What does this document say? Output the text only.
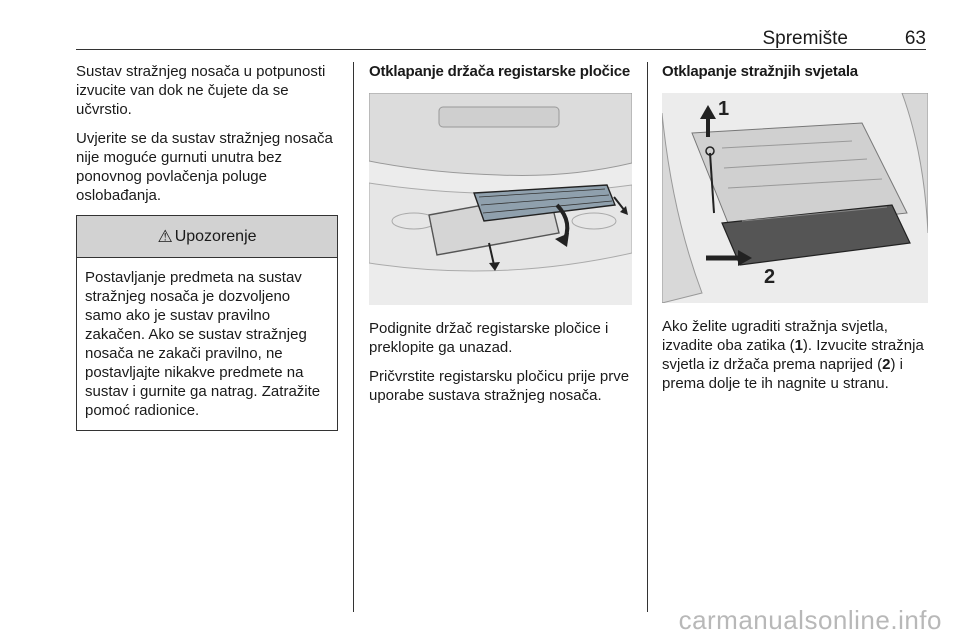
Spremište	63

Sustav stražnjeg nosača u potpunosti izvucite van dok ne čujete da se učvrstio.

Uvjerite se da sustav stražnjeg nosača nije moguće gurnuti unutra bez ponovnog povlačenja poluge oslobađanja.

⚠ Upozorenje
Postavljanje predmeta na sustav stražnjeg nosača je dozvoljeno samo ako je sustav pravilno zakačen. Ako se sustav stražnjeg nosača ne zakači pravilno, ne postavljajte nikakve predmete na sustav i gurnite ga natrag. Zatražite pomoć radionice.
Otklapanje držača registarske pločice

Podignite držač registarske pločice i preklopite ga unazad.

Pričvrstite registarsku pločicu prije prve uporabe sustava stražnjeg nosača.

Otklapanje stražnjih svjetala
1
2

Ako želite ugraditi stražnja svjetla, izvadite oba zatika (1). Izvucite stražnja svjetla iz držača prema naprijed (2) i prema dolje te ih nagnite u stranu.

carmanualsonline.info
